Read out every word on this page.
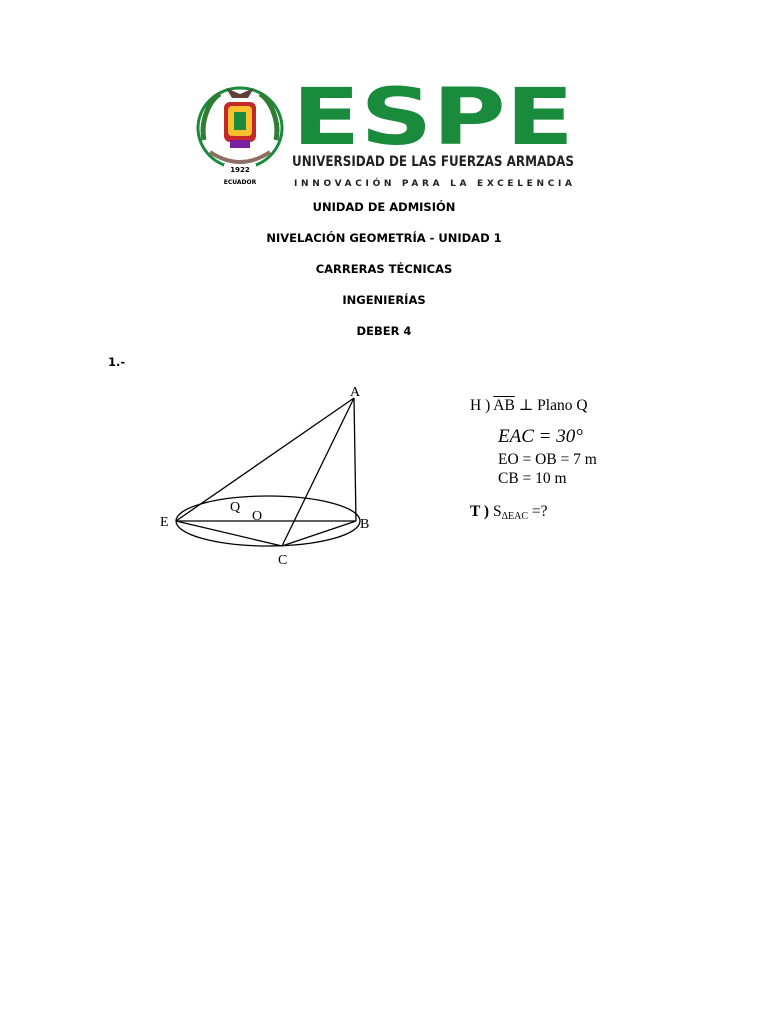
1922
ECUADOR
ESPE
UNIVERSIDAD DE LAS FUERZAS ARMADAS
INNOVACIÓN PARA LA EXCELENCIA

UNIDAD DE ADMISIÓN

NIVELACIÓN GEOMETRÍA - UNIDAD 1

CARRERAS TÉCNICAS

INGENIERÍAS

DEBER 4

1.-
A
E	B
C
Q
O
H ) $\overline{AB}$ ⊥ Plano Q
EAC = 30°
EO = OB = 7 m
CB = 10 m
T ) $S_{\Delta EAC}$ =?
